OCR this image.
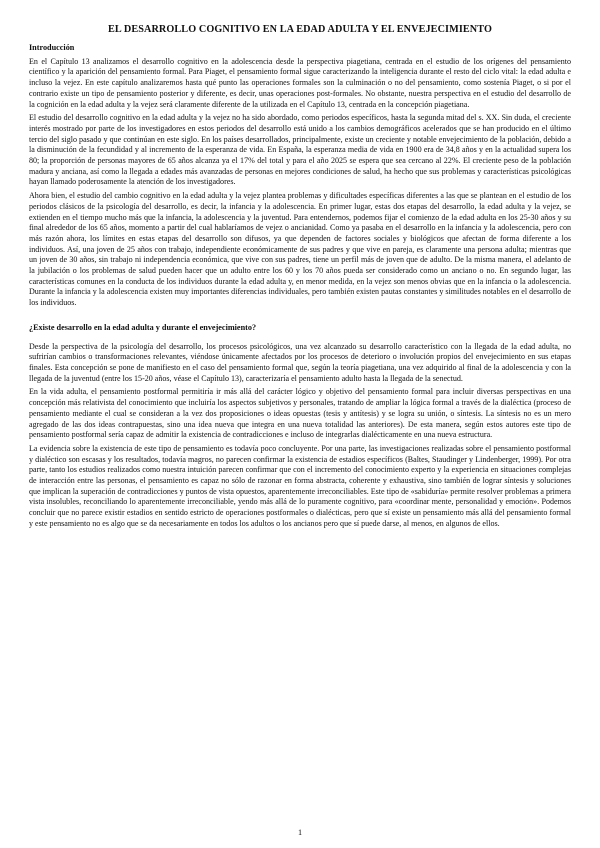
EL DESARROLLO COGNITIVO EN LA EDAD ADULTA Y EL ENVEJECIMIENTO
Introducción

En el Capítulo 13 analizamos el desarrollo cognitivo en la adolescencia desde la perspectiva piagetiana, centrada en el estudio de los orígenes del pensamiento científico y la aparición del pensamiento formal. Para Piaget, el pensamiento formal sigue caracterizando la inteligencia durante el resto del ciclo vital: la edad adulta e incluso la vejez. En este capítulo analizaremos hasta qué punto las operaciones formales son la culminación o no del pensamiento, como sostenía Piaget, o si por el contrario existe un tipo de pensamiento posterior y diferente, es decir, unas operaciones post-formales. No obstante, nuestra perspectiva en el estudio del desarrollo de la cognición en la edad adulta y la vejez será claramente diferente de la utilizada en el Capítulo 13, centrada en la concepción piagetiana.

El estudio del desarrollo cognitivo en la edad adulta y la vejez no ha sido abordado, como periodos específicos, hasta la segunda mitad del s. XX. Sin duda, el creciente interés mostrado por parte de los investigadores en estos periodos del desarrollo está unido a los cambios demográficos acelerados que se han producido en el último tercio del siglo pasado y que continúan en este siglo. En los países desarrollados, principalmente, existe un creciente y notable envejecimiento de la población, debido a la disminución de la fecundidad y al incremento de la esperanza de vida. En España, la esperanza media de vida en 1900 era de 34,8 años y en la actualidad supera los 80; la proporción de personas mayores de 65 años alcanza ya el 17% del total y para el año 2025 se espera que sea cercano al 22%. El creciente peso de la población madura y anciana, así como la llegada a edades más avanzadas de personas en mejores condiciones de salud, ha hecho que sus problemas y características psicológicas hayan llamado poderosamente la atención de los investigadores.

Ahora bien, el estudio del cambio cognitivo en la edad adulta y la vejez plantea problemas y dificultades específicas diferentes a las que se plantean en el estudio de los periodos clásicos de la psicología del desarrollo, es decir, la infancia y la adolescencia. En primer lugar, estas dos etapas del desarrollo, la edad adulta y la vejez, se extienden en el tiempo mucho más que la infancia, la adolescencia y la juventud. Para entendernos, podemos fijar el comienzo de la edad adulta en los 25-30 años y su final alrededor de los 65 años, momento a partir del cual hablaríamos de vejez o ancianidad. Como ya pasaba en el desarrollo en la infancia y la adolescencia, pero con más razón ahora, los límites en estas etapas del desarrollo son difusos, ya que dependen de factores sociales y biológicos que afectan de forma diferente a los individuos. Así, una joven de 25 años con trabajo, independiente económicamente de sus padres y que vive en pareja, es claramente una persona adulta; mientras que un joven de 30 años, sin trabajo ni independencia económica, que vive con sus padres, tiene un perfil más de joven que de adulto. De la misma manera, el adelanto de la jubilación o los problemas de salud pueden hacer que un adulto entre los 60 y los 70 años pueda ser considerado como un anciano o no. En segundo lugar, las características comunes en la conducta de los individuos durante la edad adulta y, en menor medida, en la vejez son menos obvias que en la infancia o la adolescencia. Durante la infancia y la adolescencia existen muy importantes diferencias individuales, pero también existen pautas constantes y similitudes notables en el desarrollo de los individuos.

¿Existe desarrollo en la edad adulta y durante el envejecimiento?

Desde la perspectiva de la psicología del desarrollo, los procesos psicológicos, una vez alcanzado su desarrollo característico con la llegada de la edad adulta, no sufrirían cambios o transformaciones relevantes, viéndose únicamente afectados por los procesos de deterioro o involución propios del envejecimiento en sus etapas finales. Esta concepción se pone de manifiesto en el caso del pensamiento formal que, según la teoría piagetiana, una vez adquirido al final de la adolescencia y con la llegada de la juventud (entre los 15-20 años, véase el Capítulo 13), caracterizaría el pensamiento adulto hasta la llegada de la senectud.

En la vida adulta, el pensamiento postformal permitiría ir más allá del carácter lógico y objetivo del pensamiento formal para incluir diversas perspectivas en una concepción más relativista del conocimiento que incluiría los aspectos subjetivos y personales, tratando de ampliar la lógica formal a través de la dialéctica (proceso de pensamiento mediante el cual se consideran a la vez dos proposiciones o ideas opuestas (tesis y antítesis) y se logra su unión, o síntesis. La síntesis no es un mero agregado de las dos ideas contrapuestas, sino una idea nueva que integra en una nueva totalidad las anteriores). De esta manera, según estos autores este tipo de pensamiento postformal sería capaz de admitir la existencia de contradicciones e incluso de integrarlas dialécticamente en una nueva estructura.

La evidencia sobre la existencia de este tipo de pensamiento es todavía poco concluyente. Por una parte, las investigaciones realizadas sobre el pensamiento postformal y dialéctico son escasas y los resultados, todavía magros, no parecen confirmar la existencia de estadios específicos (Baltes, Staudinger y Lindenberger, 1999). Por otra parte, tanto los estudios realizados como nuestra intuición parecen confirmar que con el incremento del conocimiento experto y la experiencia en situaciones complejas de interacción entre las personas, el pensamiento es capaz no sólo de razonar en forma abstracta, coherente y exhaustiva, sino también de lograr síntesis y soluciones que implican la superación de contradicciones y puntos de vista opuestos, aparentemente irreconciliables. Este tipo de «sabiduría» permite resolver problemas a primera vista insolubles, reconciliando lo aparentemente irreconciliable, yendo más allá de lo puramente cognitivo, para «coordinar mente, personalidad y emoción». Podemos concluir que no parece existir estadios en sentido estricto de operaciones postformales o dialécticas, pero que sí existe un pensamiento más allá del pensamiento formal y este pensamiento no es algo que se da necesariamente en todos los adultos o los ancianos pero que sí puede darse, al menos, en algunos de ellos.

1
